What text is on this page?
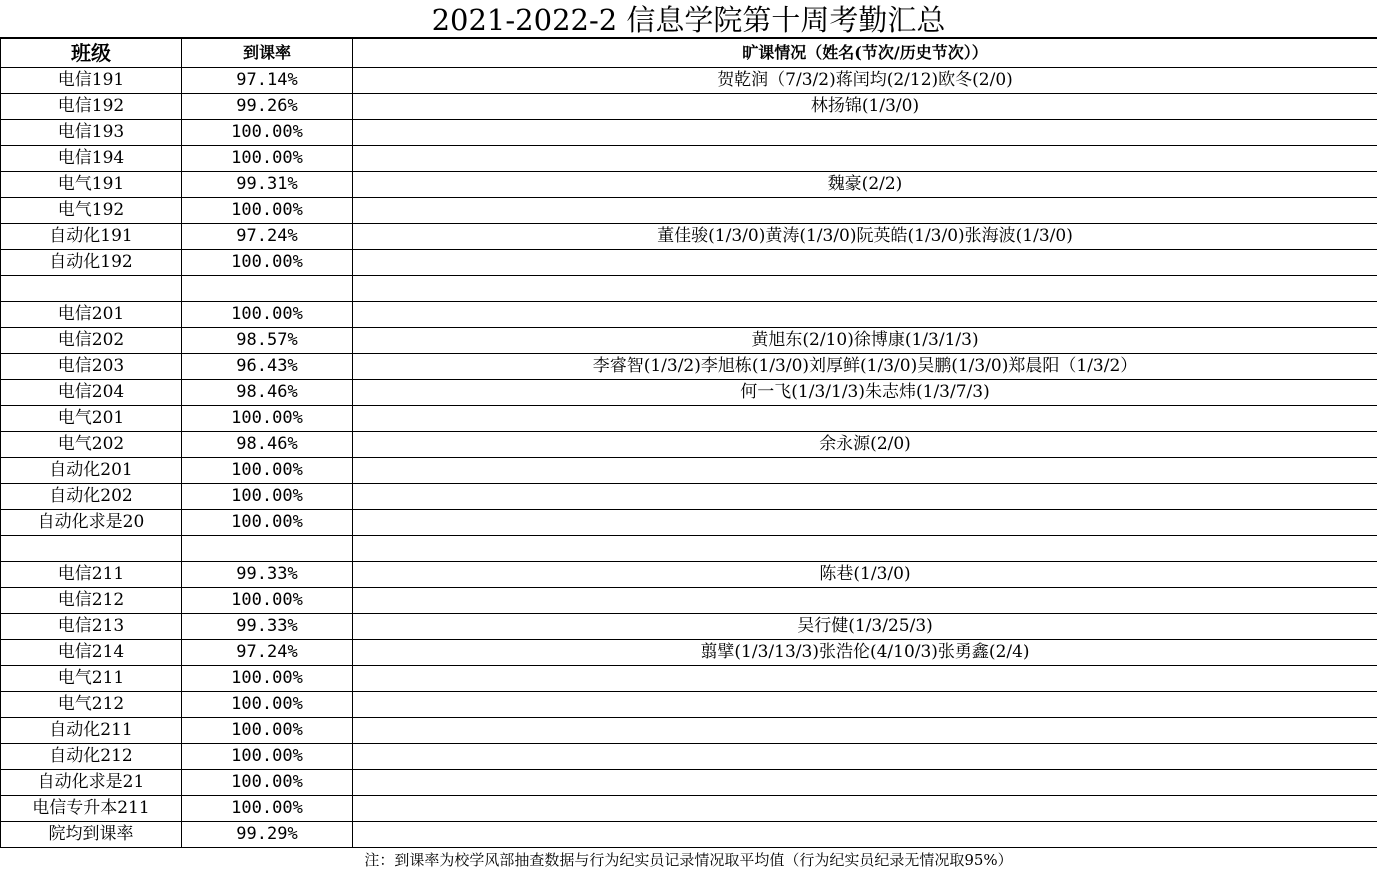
2021-2022-2 信息学院第十周考勤汇总
班级	到课率	旷课情况（姓名(节次/历史节次））
电信191	97.14%	贺乾润（7/3/2)蒋闰均(2/12)欧冬(2/0)
电信192	99.26%	林扬锦(1/3/0)
电信193	100.00%	
电信194	100.00%	
电气191	99.31%	魏豪(2/2)
电气192	100.00%	
自动化191	97.24%	董佳骏(1/3/0)黄涛(1/3/0)阮英皓(1/3/0)张海波(1/3/0)
自动化192	100.00%	

电信201	100.00%	
电信202	98.57%	黄旭东(2/10)徐博康(1/3/1/3)
电信203	96.43%	李睿智(1/3/2)李旭栋(1/3/0)刘厚鲜(1/3/0)吴鹏(1/3/0)郑晨阳（1/3/2）
电信204	98.46%	何一飞(1/3/1/3)朱志炜(1/3/7/3)
电气201	100.00%	
电气202	98.46%	余永源(2/0)
自动化201	100.00%	
自动化202	100.00%	
自动化求是20	100.00%	

电信211	99.33%	陈巷(1/3/0)
电信212	100.00%	
电信213	99.33%	吴行健(1/3/25/3)
电信214	97.24%	翦擘(1/3/13/3)张浩伦(4/10/3)张勇鑫(2/4)
电气211	100.00%	
电气212	100.00%	
自动化211	100.00%	
自动化212	100.00%	
自动化求是21	100.00%	
电信专升本211	100.00%	
院均到课率	99.29%	
注：到课率为校学风部抽查数据与行为纪实员记录情况取平均值（行为纪实员纪录无情况取95%）
